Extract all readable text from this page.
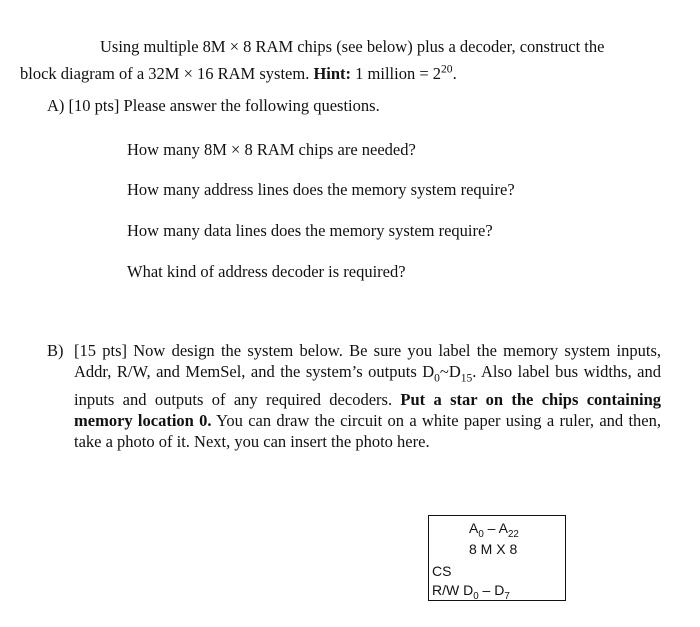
Using multiple 8M × 8 RAM chips (see below) plus a decoder, construct the
block diagram of a 32M × 16 RAM system. Hint: 1 million = $2^{20}$.
A) [10 pts] Please answer the following questions.
How many 8M × 8 RAM chips are needed?
How many address lines does the memory system require?
How many data lines does the memory system require?
What kind of address decoder is required?
B) [15 pts] Now design the system below. Be sure you label the memory system inputs, Addr, R/W, and MemSel, and the system’s outputs $D_0\sim D_{15}$. Also label bus widths, and inputs and outputs of any required decoders. Put a star on the chips containing memory location 0. You can draw the circuit on a white paper using a ruler, and then, take a photo of it. Next, you can insert the photo here.
$A_0 - A_{22}$
8 M X 8
CS
R/W $D_0 - D_7$
